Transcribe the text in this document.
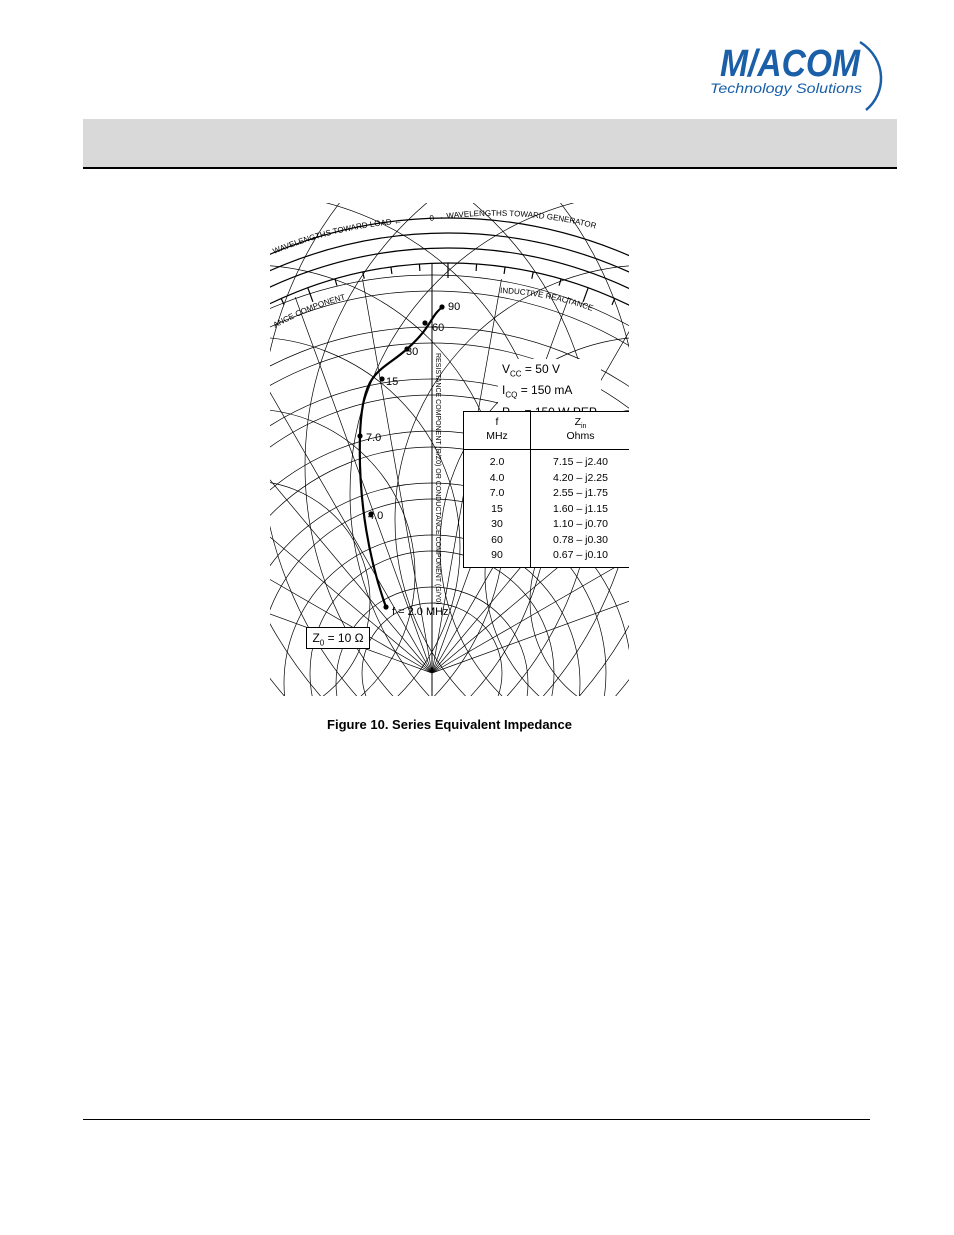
M/ACOM
Technology Solutions
0 → WAVELENGTHS TOWARD GENERATOR
WAVELENGTHS TOWARD LOAD ←
INDUCTIVE REACTANCE
ANCE COMPONENT
RESISTANCE COMPONENT (R/Z0) OR CONDUCTANCE COMPONENT (G/Y0)
f = 2.0 MHz
4.0
7.0
15
30
60
90
$V_{CC} = 50$ V
$I_{CQ} = 150$ mA
f
MHz
$Z_{in}$
Ohms
2.0	7.15 – j2.40
4.0	4.20 – j2.25
7.0	2.55 – j1.75
15	1.60 – j1.15
30	1.10 – j0.70
60	0.78 – j0.30
90	0.67 – j0.10
$Z_0 = 10$ Ω
Figure 10. Series Equivalent Impedance
